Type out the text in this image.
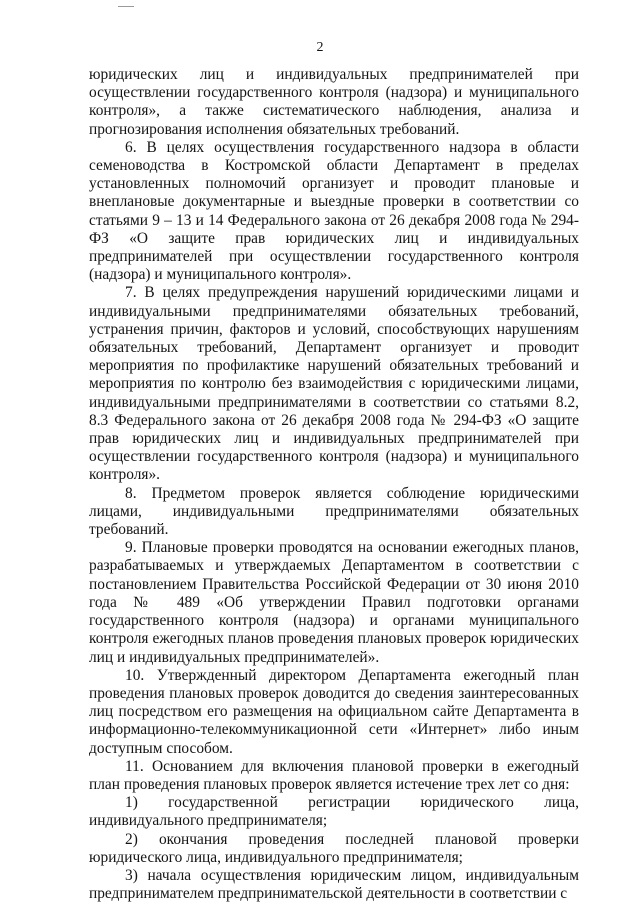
2

юридических лиц и индивидуальных предпринимателей при осуществлении государственного контроля (надзора) и муниципального контроля», а также систематического наблюдения, анализа и прогнозирования исполнения обязательных требований.

6. В целях осуществления государственного надзора в области семеноводства в Костромской области Департамент в пределах установленных полномочий организует и проводит плановые и внеплановые документарные и выездные проверки в соответствии со статьями 9 – 13 и 14 Федерального закона от 26 декабря 2008 года № 294-ФЗ «О защите прав юридических лиц и индивидуальных предпринимателей при осуществлении государственного контроля (надзора) и муниципального контроля».

7. В целях предупреждения нарушений юридическими лицами и индивидуальными предпринимателями обязательных требований, устранения причин, факторов и условий, способствующих нарушениям обязательных требований, Департамент организует и проводит мероприятия по профилактике нарушений обязательных требований и мероприятия по контролю без взаимодействия с юридическими лицами, индивидуальными предпринимателями в соответствии со статьями 8.2, 8.3 Федерального закона от 26 декабря 2008 года № 294-ФЗ «О защите прав юридических лиц и индивидуальных предпринимателей при осуществлении государственного контроля (надзора) и муниципального контроля».

8. Предметом проверок является соблюдение юридическими лицами, индивидуальными предпринимателями обязательных требований.

9. Плановые проверки проводятся на основании ежегодных планов, разрабатываемых и утверждаемых Департаментом в соответствии с постановлением Правительства Российской Федерации от 30 июня 2010 года № 489 «Об утверждении Правил подготовки органами государственного контроля (надзора) и органами муниципального контроля ежегодных планов проведения плановых проверок юридических лиц и индивидуальных предпринимателей».

10. Утвержденный директором Департамента ежегодный план проведения плановых проверок доводится до сведения заинтересованных лиц посредством его размещения на официальном сайте Департамента в информационно-телекоммуникационной сети «Интернет» либо иным доступным способом.

11. Основанием для включения плановой проверки в ежегодный план проведения плановых проверок является истечение трех лет со дня:

1) государственной регистрации юридического лица, индивидуального предпринимателя;

2) окончания проведения последней плановой проверки юридического лица, индивидуального предпринимателя;

3) начала осуществления юридическим лицом, индивидуальным предпринимателем предпринимательской деятельности в соответствии с
